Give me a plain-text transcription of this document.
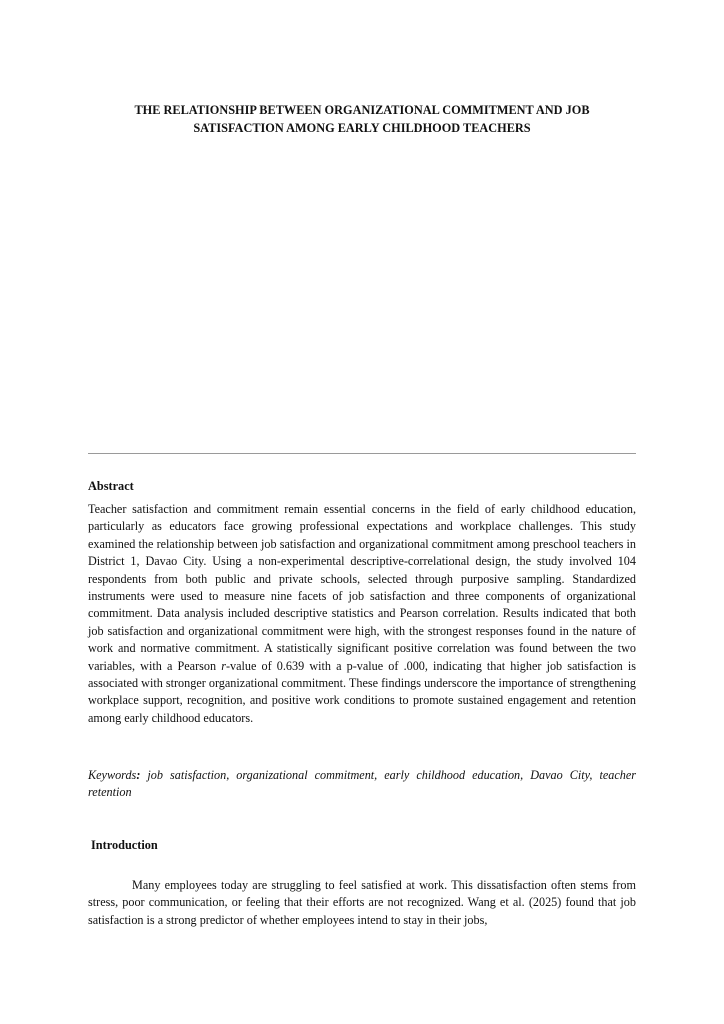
THE RELATIONSHIP BETWEEN ORGANIZATIONAL COMMITMENT AND JOB
SATISFACTION AMONG EARLY CHILDHOOD TEACHERS
Abstract

Teacher satisfaction and commitment remain essential concerns in the field of early childhood education, particularly as educators face growing professional expectations and workplace challenges. This study examined the relationship between job satisfaction and organizational commitment among preschool teachers in District 1, Davao City. Using a non-experimental descriptive-correlational design, the study involved 104 respondents from both public and private schools, selected through purposive sampling. Standardized instruments were used to measure nine facets of job satisfaction and three components of organizational commitment. Data analysis included descriptive statistics and Pearson correlation. Results indicated that both job satisfaction and organizational commitment were high, with the strongest responses found in the nature of work and normative commitment. A statistically significant positive correlation was found between the two variables, with a Pearson r-value of 0.639 with a p-value of .000, indicating that higher job satisfaction is associated with stronger organizational commitment. These findings underscore the importance of strengthening workplace support, recognition, and positive work conditions to promote sustained engagement and retention among early childhood educators.

Keywords: job satisfaction, organizational commitment, early childhood education, Davao City, teacher retention

Introduction

Many employees today are struggling to feel satisfied at work. This dissatisfaction often stems from stress, poor communication, or feeling that their efforts are not recognized. Wang et al. (2025) found that job satisfaction is a strong predictor of whether employees intend to stay in their jobs,
